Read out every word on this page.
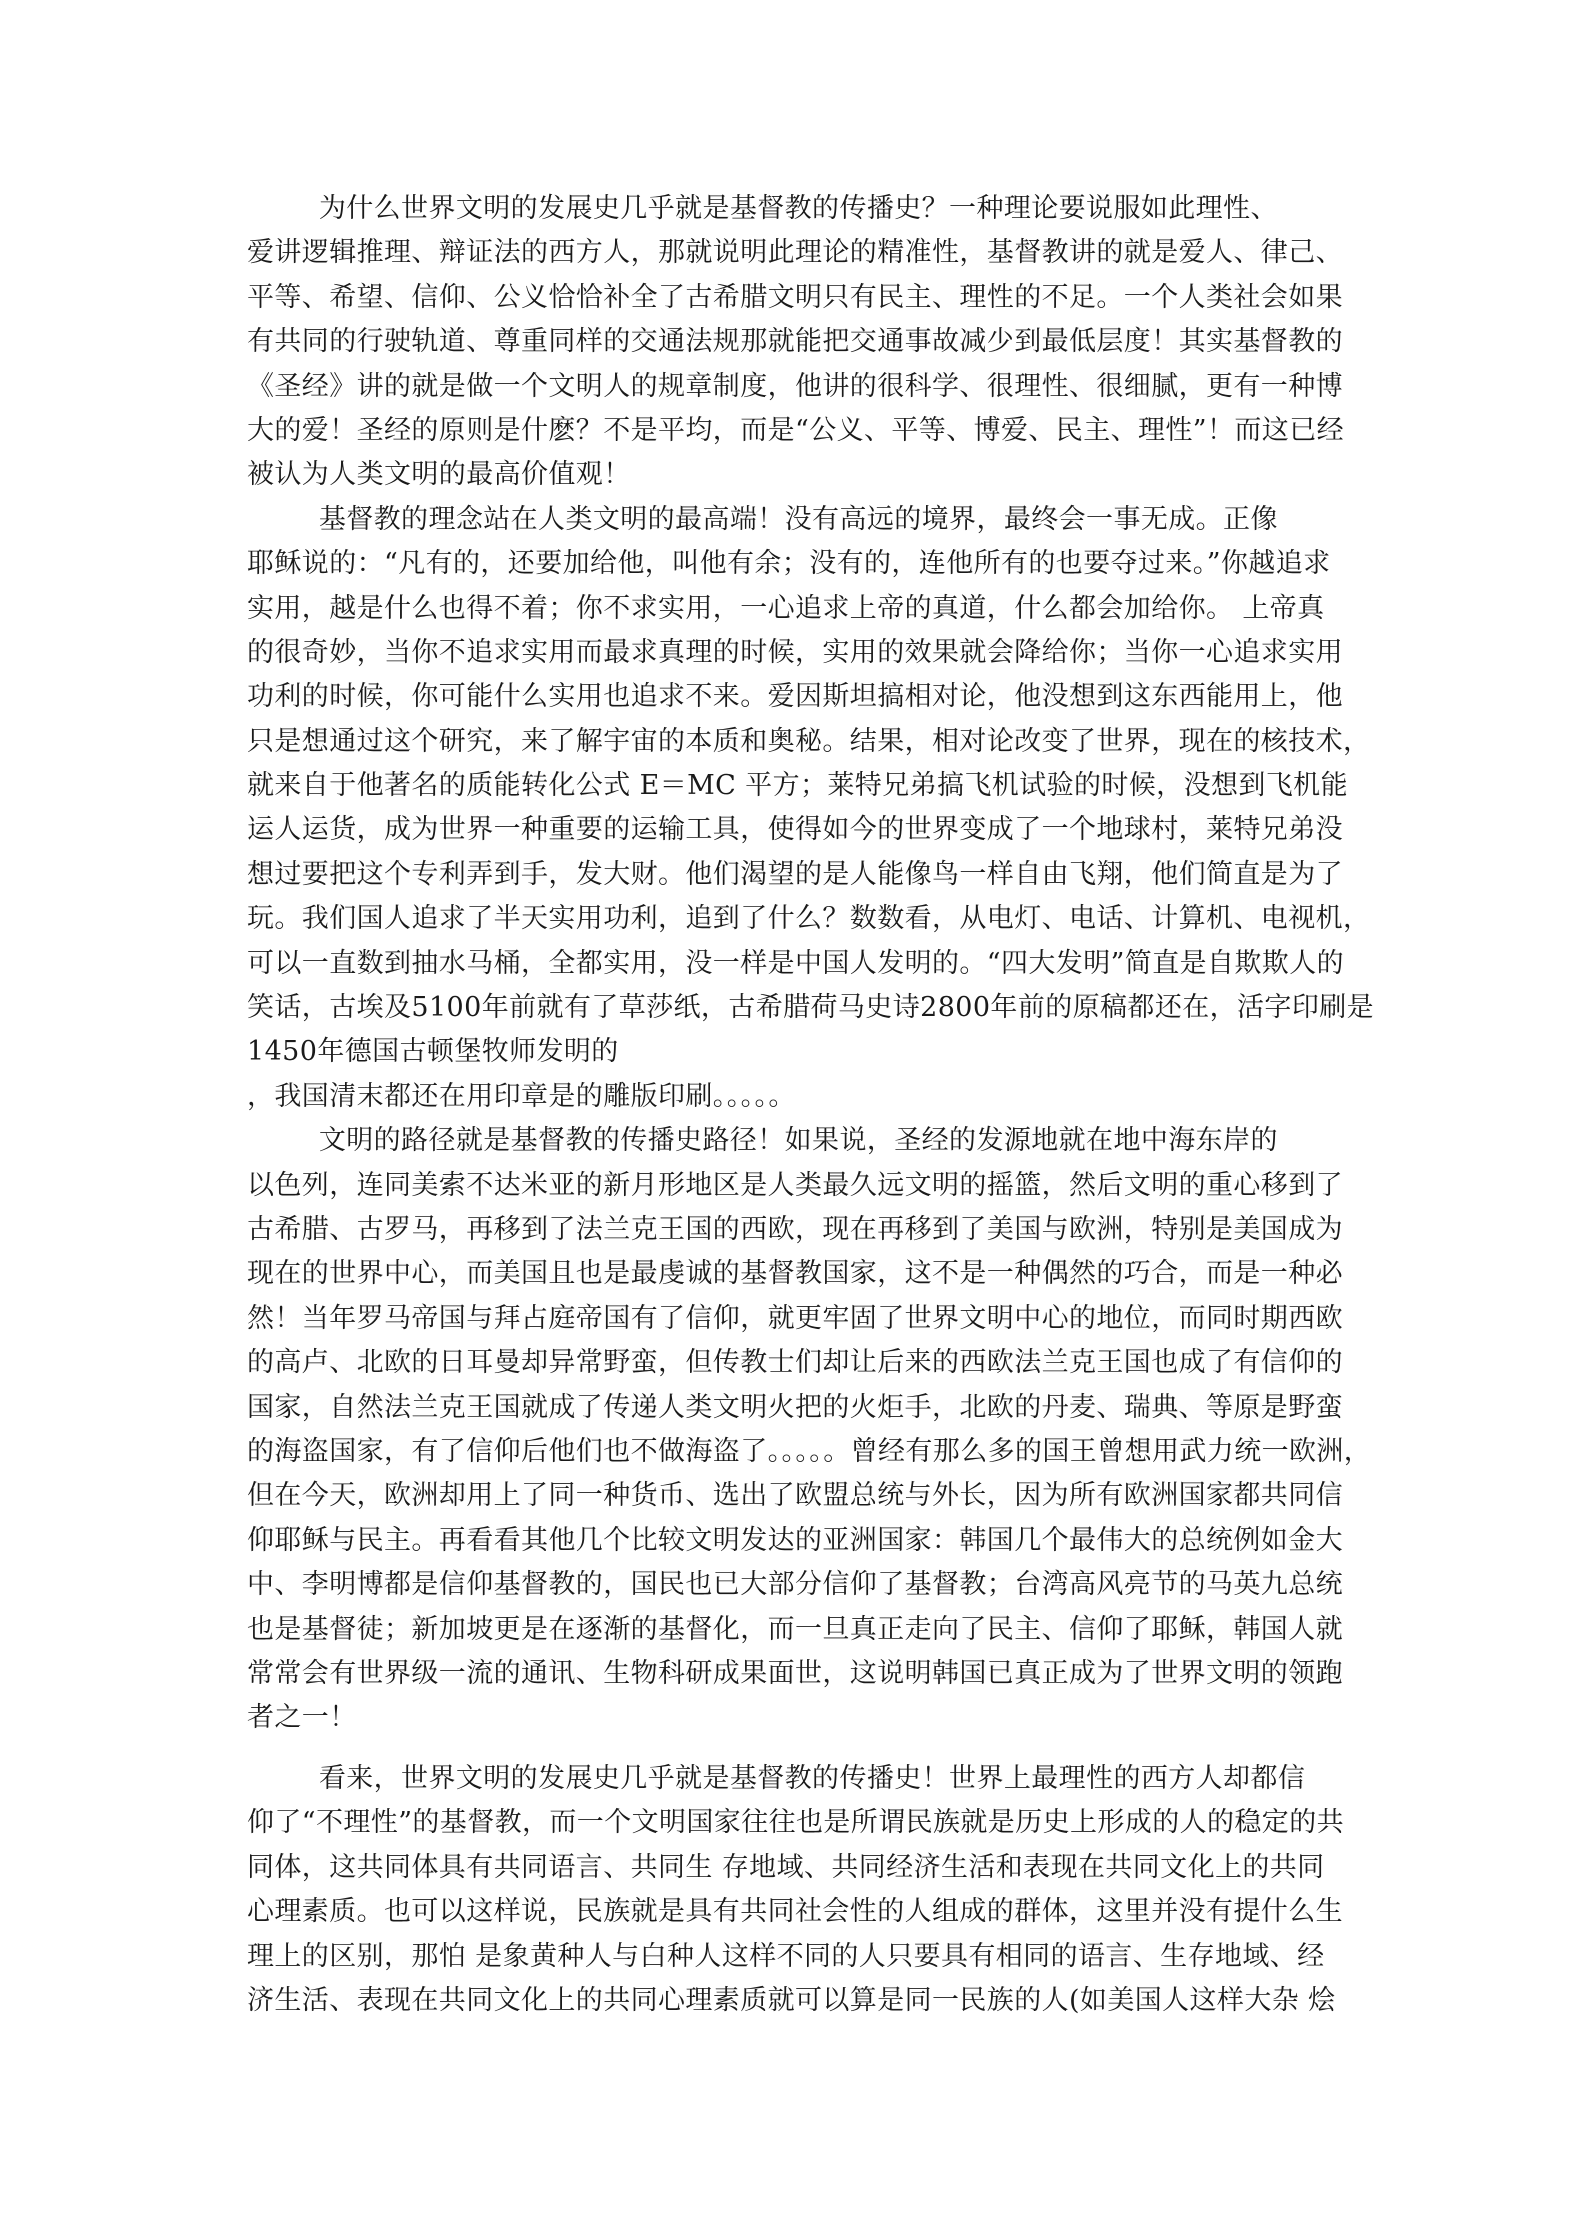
为什么世界文明的发展史几乎就是基督教的传播史？一种理论要说服如此理性、
爱讲逻辑推理、辩证法的西方人，那就说明此理论的精准性，基督教讲的就是爱人、律己、
平等、希望、信仰、公义恰恰补全了古希腊文明只有民主、理性的不足。一个人类社会如果
有共同的行驶轨道、尊重同样的交通法规那就能把交通事故减少到最低层度！其实基督教的
《圣经》讲的就是做一个文明人的规章制度，他讲的很科学、很理性、很细腻，更有一种博
大的爱！圣经的原则是什麽？不是平均，而是“公义、平等、博爱、民主、理性”！而这已经
被认为人类文明的最高价值观！
基督教的理念站在人类文明的最高端！没有高远的境界，最终会一事无成。正像
耶稣说的：“凡有的，还要加给他，叫他有余；没有的，连他所有的也要夺过来。”你越追求
实用，越是什么也得不着；你不求实用，一心追求上帝的真道，什么都会加给你。 上帝真
的很奇妙，当你不追求实用而最求真理的时候，实用的效果就会降给你；当你一心追求实用
功利的时候，你可能什么实用也追求不来。爱因斯坦搞相对论，他没想到这东西能用上，他
只是想通过这个研究，来了解宇宙的本质和奥秘。结果，相对论改变了世界，现在的核技术，
就来自于他著名的质能转化公式 E＝MC 平方；莱特兄弟搞飞机试验的时候，没想到飞机能
运人运货，成为世界一种重要的运输工具，使得如今的世界变成了一个地球村，莱特兄弟没
想过要把这个专利弄到手，发大财。他们渴望的是人能像鸟一样自由飞翔，他们简直是为了
玩。我们国人追求了半天实用功利，追到了什么？数数看，从电灯、电话、计算机、电视机，
可以一直数到抽水马桶，全都实用，没一样是中国人发明的。“四大发明”简直是自欺欺人的
笑话，古埃及5100年前就有了草莎纸，古希腊荷马史诗2800年前的原稿都还在，活字印刷是
1450年德国古顿堡牧师发明的
，我国清末都还在用印章是的雕版印刷。。。。。
文明的路径就是基督教的传播史路径！如果说，圣经的发源地就在地中海东岸的
以色列，连同美索不达米亚的新月形地区是人类最久远文明的摇篮，然后文明的重心移到了
古希腊、古罗马，再移到了法兰克王国的西欧，现在再移到了美国与欧洲，特别是美国成为
现在的世界中心，而美国且也是最虔诚的基督教国家，这不是一种偶然的巧合，而是一种必
然！当年罗马帝国与拜占庭帝国有了信仰，就更牢固了世界文明中心的地位，而同时期西欧
的高卢、北欧的日耳曼却异常野蛮，但传教士们却让后来的西欧法兰克王国也成了有信仰的
国家，自然法兰克王国就成了传递人类文明火把的火炬手，北欧的丹麦、瑞典、等原是野蛮
的海盗国家，有了信仰后他们也不做海盗了。。。。。曾经有那么多的国王曾想用武力统一欧洲，
但在今天，欧洲却用上了同一种货币、选出了欧盟总统与外长，因为所有欧洲国家都共同信
仰耶稣与民主。再看看其他几个比较文明发达的亚洲国家：韩国几个最伟大的总统例如金大
中、李明博都是信仰基督教的，国民也已大部分信仰了基督教；台湾高风亮节的马英九总统
也是基督徒；新加坡更是在逐渐的基督化，而一旦真正走向了民主、信仰了耶稣，韩国人就
常常会有世界级一流的通讯、生物科研成果面世，这说明韩国已真正成为了世界文明的领跑
者之一！
看来，世界文明的发展史几乎就是基督教的传播史！世界上最理性的西方人却都信
仰了“不理性”的基督教，而一个文明国家往往也是所谓民族就是历史上形成的人的稳定的共
同体，这共同体具有共同语言、共同生 存地域、共同经济生活和表现在共同文化上的共同
心理素质。也可以这样说，民族就是具有共同社会性的人组成的群体，这里并没有提什么生
理上的区别，那怕 是象黄种人与白种人这样不同的人只要具有相同的语言、生存地域、经
济生活、表现在共同文化上的共同心理素质就可以算是同一民族的人(如美国人这样大杂 烩
